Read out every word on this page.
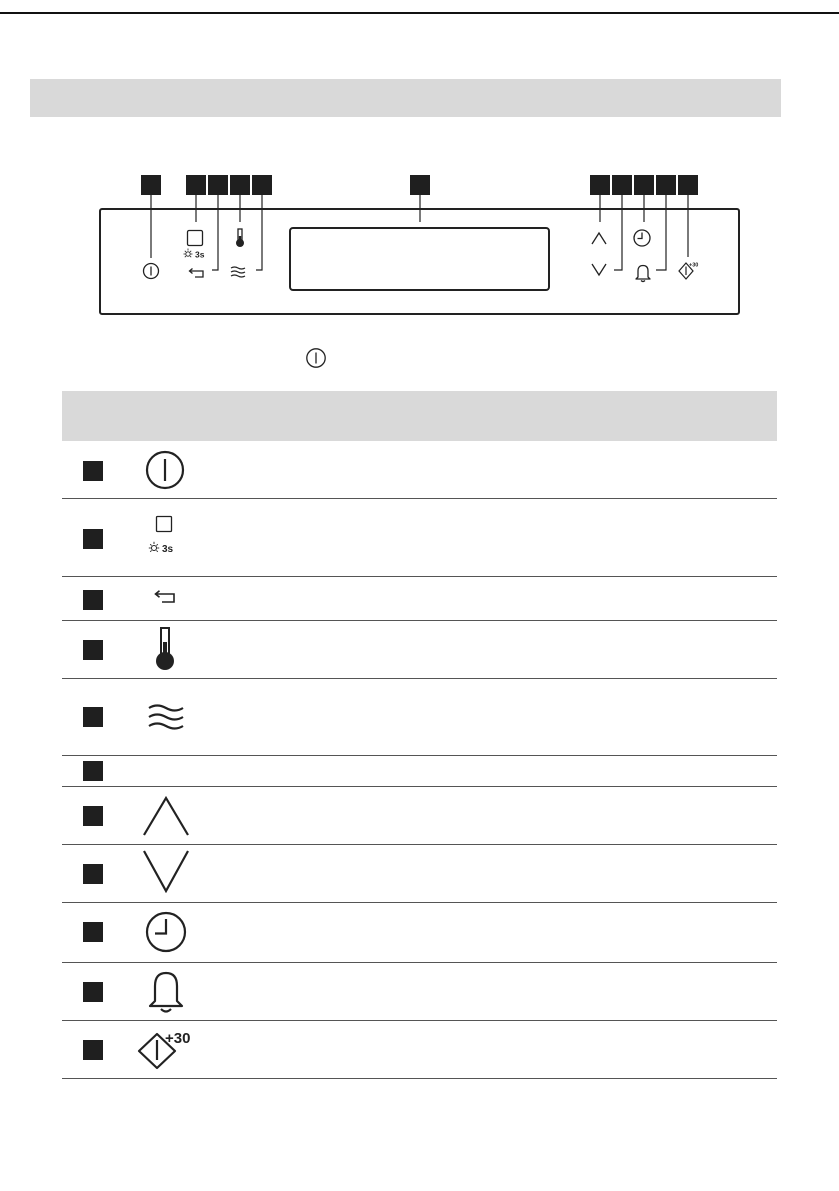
3s
+30
3s
+30
